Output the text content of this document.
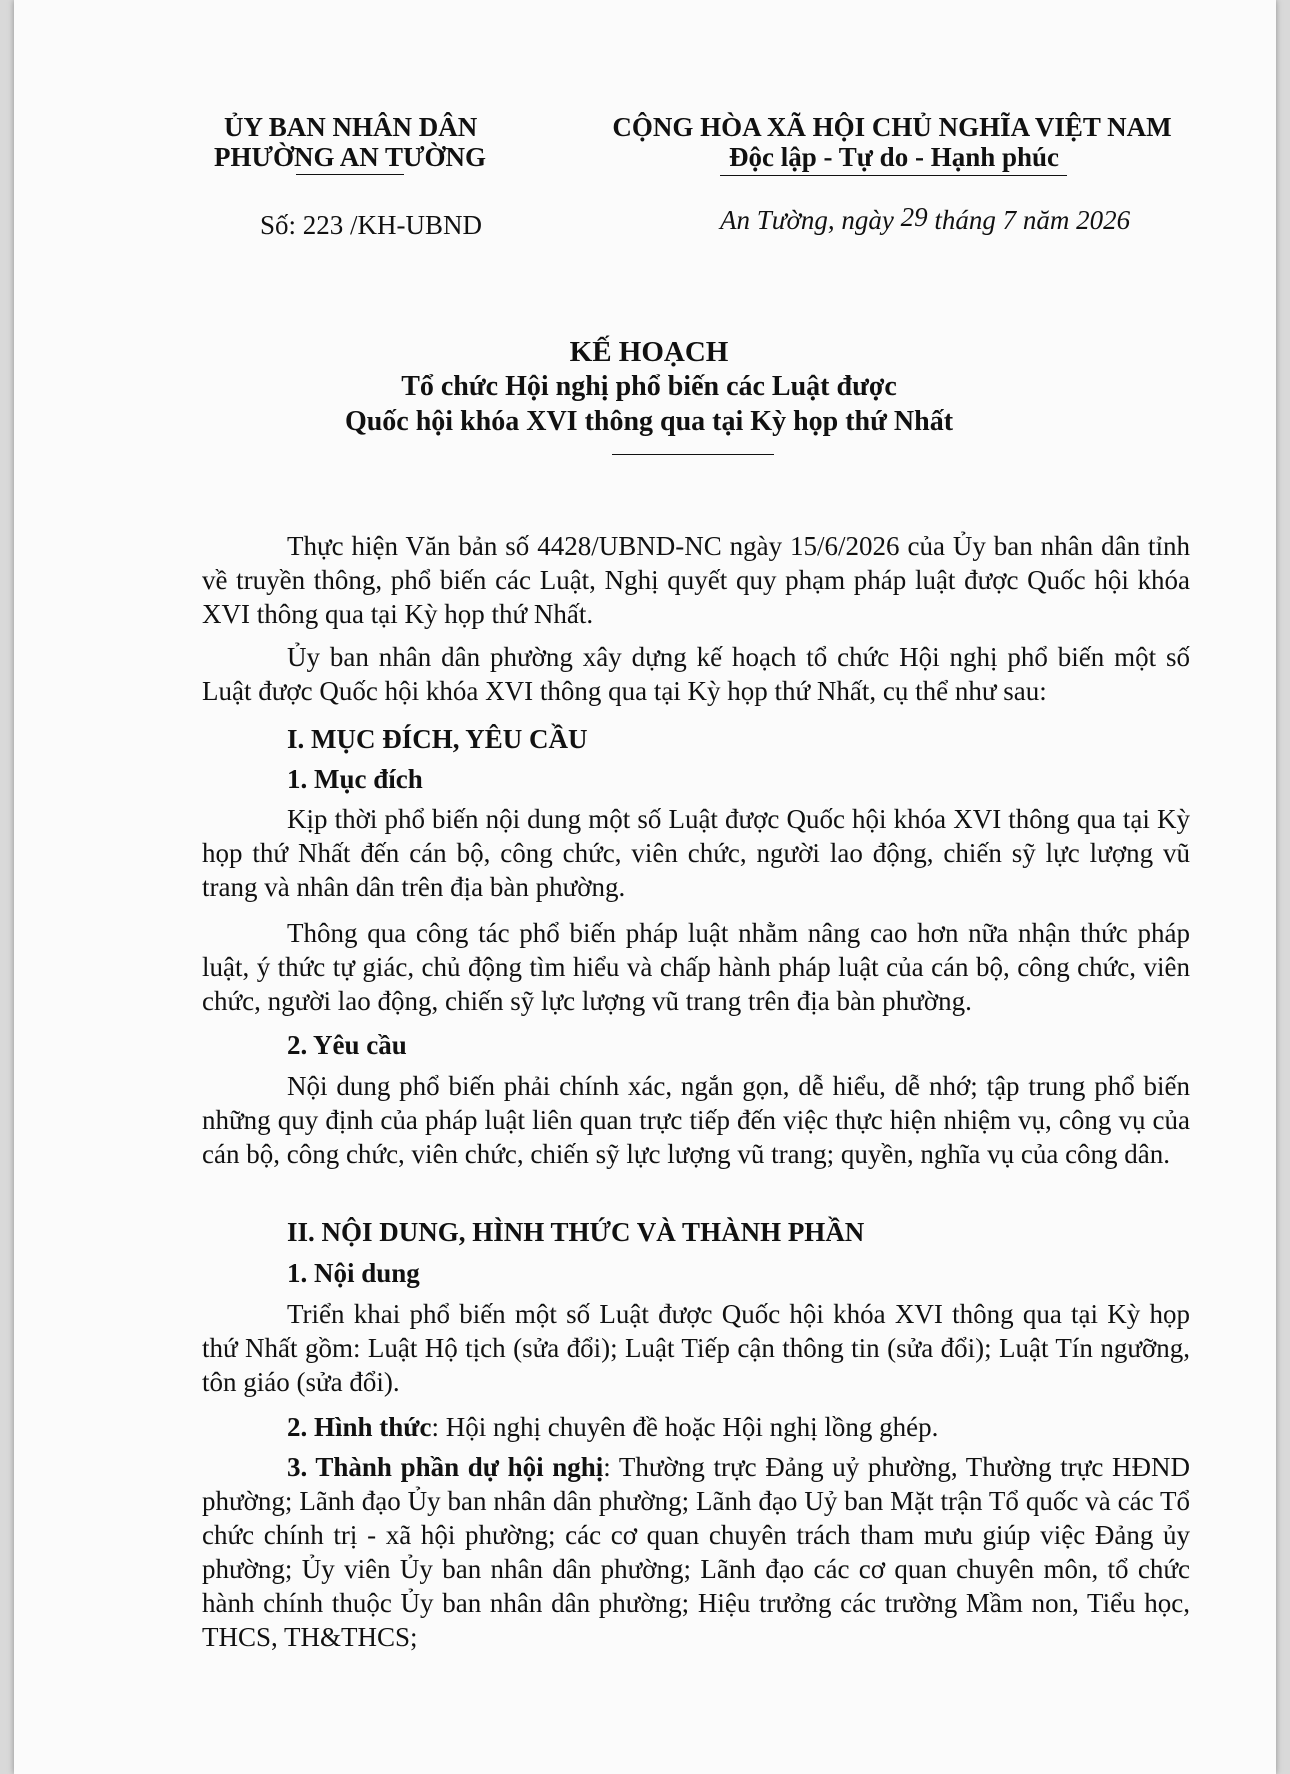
ỦY BAN NHÂN DÂN
PHƯỜNG AN TƯỜNG
CỘNG HÒA XÃ HỘI CHỦ NGHĨA VIỆT NAM
Độc lập - Tự do - Hạnh phúc
Số: 223 /KH-UBND	An Tường, ngày 29 tháng 7 năm 2026
KẾ HOẠCH
Tổ chức Hội nghị phổ biến các Luật được
Quốc hội khóa XVI thông qua tại Kỳ họp thứ Nhất
Thực hiện Văn bản số 4428/UBND-NC ngày 15/6/2026 của Ủy ban nhân dân tỉnh về truyền thông, phổ biến các Luật, Nghị quyết quy phạm pháp luật được Quốc hội khóa XVI thông qua tại Kỳ họp thứ Nhất.
Ủy ban nhân dân phường xây dựng kế hoạch tổ chức Hội nghị phổ biến một số Luật được Quốc hội khóa XVI thông qua tại Kỳ họp thứ Nhất, cụ thể như sau:
I. MỤC ĐÍCH, YÊU CẦU
1. Mục đích
Kịp thời phổ biến nội dung một số Luật được Quốc hội khóa XVI thông qua tại Kỳ họp thứ Nhất đến cán bộ, công chức, viên chức, người lao động, chiến sỹ lực lượng vũ trang và nhân dân trên địa bàn phường.
Thông qua công tác phổ biến pháp luật nhằm nâng cao hơn nữa nhận thức pháp luật, ý thức tự giác, chủ động tìm hiểu và chấp hành pháp luật của cán bộ, công chức, viên chức, người lao động, chiến sỹ lực lượng vũ trang trên địa bàn phường.
2. Yêu cầu
Nội dung phổ biến phải chính xác, ngắn gọn, dễ hiểu, dễ nhớ; tập trung phổ biến những quy định của pháp luật liên quan trực tiếp đến việc thực hiện nhiệm vụ, công vụ của cán bộ, công chức, viên chức, chiến sỹ lực lượng vũ trang; quyền, nghĩa vụ của công dân.
II. NỘI DUNG, HÌNH THỨC VÀ THÀNH PHẦN
1. Nội dung
Triển khai phổ biến một số Luật được Quốc hội khóa XVI thông qua tại Kỳ họp thứ Nhất gồm: Luật Hộ tịch (sửa đổi); Luật Tiếp cận thông tin (sửa đổi); Luật Tín ngưỡng, tôn giáo (sửa đổi).
2. Hình thức: Hội nghị chuyên đề hoặc Hội nghị lồng ghép.
3. Thành phần dự hội nghị: Thường trực Đảng uỷ phường, Thường trực HĐND phường; Lãnh đạo Ủy ban nhân dân phường; Lãnh đạo Uỷ ban Mặt trận Tổ quốc và các Tổ chức chính trị - xã hội phường; các cơ quan chuyên trách tham mưu giúp việc Đảng ủy phường; Ủy viên Ủy ban nhân dân phường; Lãnh đạo các cơ quan chuyên môn, tổ chức hành chính thuộc Ủy ban nhân dân phường; Hiệu trưởng các trường Mầm non, Tiểu học, THCS, TH&THCS;
